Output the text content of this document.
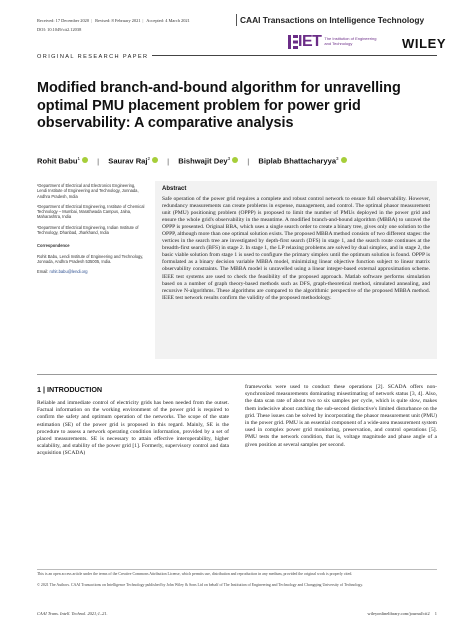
Received: 17 December 2020 | Revised: 8 February 2021 | Accepted: 4 March 2021
DOI: 10.1049/cit2.12038
CAAI Transactions on Intelligence Technology
IET The Institution of Engineering and Technology	WILEY
ORIGINAL RESEARCH PAPER
Modified branch-and-bound algorithm for unravelling optimal PMU placement problem for power grid observability: A comparative analysis
Rohit Babu$^1$ | Saurav Raj$^2$ | Bishwajit Dey$^3$ | Biplab Bhattacharyya$^3$

¹Department of Electrical and Electronics Engineering, Lendi Institute of Engineering and Technology, Jonnada, Andhra Pradesh, India

²Department of Electrical Engineering, Institute of Chemical Technology – Mumbai, Marathwada Campus, Jalna, Maharashtra, India

³Department of Electrical Engineering, Indian Institute of Technology, Dhanbad, Jharkhand, India

Correspondence

Rohit Babu, Lendi Institute of Engineering and Technology, Jonnada, Andhra Pradesh 535005, India.

Email: rohit.babu@lendi.org

Abstract
Safe operation of the power grid requires a complete and robust control network to ensure full observability. However, redundancy measurements can create problems in expense, management, and control. The optimal phasor measurement unit (PMU) positioning problem (OPPP) is proposed to limit the number of PMUs deployed in the power grid and ensure the whole grid's observability in the meantime. A modified branch-and-bound algorithm (MBBA) to unravel the OPPP is presented. Original BBA, which uses a single search order to create a binary tree, gives only one solution to the OPPP, although more than one optimal solution exists. The proposed MBBA method consists of two different stages: the vertices in the search tree are investigated by depth-first search (DFS) in stage 1, and the search route continues at the breadth-first search (BFS) in stage 2. In stage 1, the LP relaxing problems are solved by dual simplex, and in stage 2, the basic viable solution from stage 1 is used to configure the primary simplex until the optimum solution is found. OPPP is formulated as a binary decision variable MBBA model, minimizing linear objective function subject to linear matrix observability constraints. The MBBA model is unravelled using a linear integer-based external approximation scheme. IEEE test systems are used to check the feasibility of the proposed approach. Matlab software performs simulation based on a number of graph theory-based methods such as DFS, graph-theoretical method, simulated annealing, and recursive N-algorithms. These algorithms are compared to the algorithmic perspective of the proposed MBBA method. IEEE test network results confirm the validity of the proposed methodology.
1 | INTRODUCTION

Reliable and immediate control of electricity grids has been needed from the outset. Factual information on the working environment of the power grid is required to confirm the safety and optimum operation of the networks. The scope of the state estimation (SE) of the power grid is proposed in this regard. Mainly, SE is the procedure to assess a network operating condition information, provided by a set of placed measurements. SE is necessary to attain effective interoperability, higher scalability, and stability of the power grid [1]. Formerly, supervisory control and data acquisition (SCADA)

frameworks were used to conduct these operations [2]. SCADA offers non-synchronized measurements dominating misestimating of network status [3, 4]. Also, the data scan rate of about two to six samples per cycle, which is quite slow, makes them indecisive about catching the sub-second distinctive's limited disturbance on the grid. These issues can be solved by incorporating the phasor measurement unit (PMU) in the power grid. PMU is an essential component of a wide-area measurement system used in complex power grid monitoring, preservation, and control operations [5]. PMU tests the network condition, that is, voltage magnitude and phase angle of a given position at several samples per second.

This is an open access article under the terms of the Creative Commons Attribution License, which permits use, distribution and reproduction in any medium, provided the original work is properly cited.
© 2021 The Authors. CAAI Transactions on Intelligence Technology published by John Wiley & Sons Ltd on behalf of The Institution of Engineering and Technology and Chongqing University of Technology.
CAAI Trans. Intell. Technol. 2021;1–21.	wileyonlinelibrary.com/journal/cit2 1
